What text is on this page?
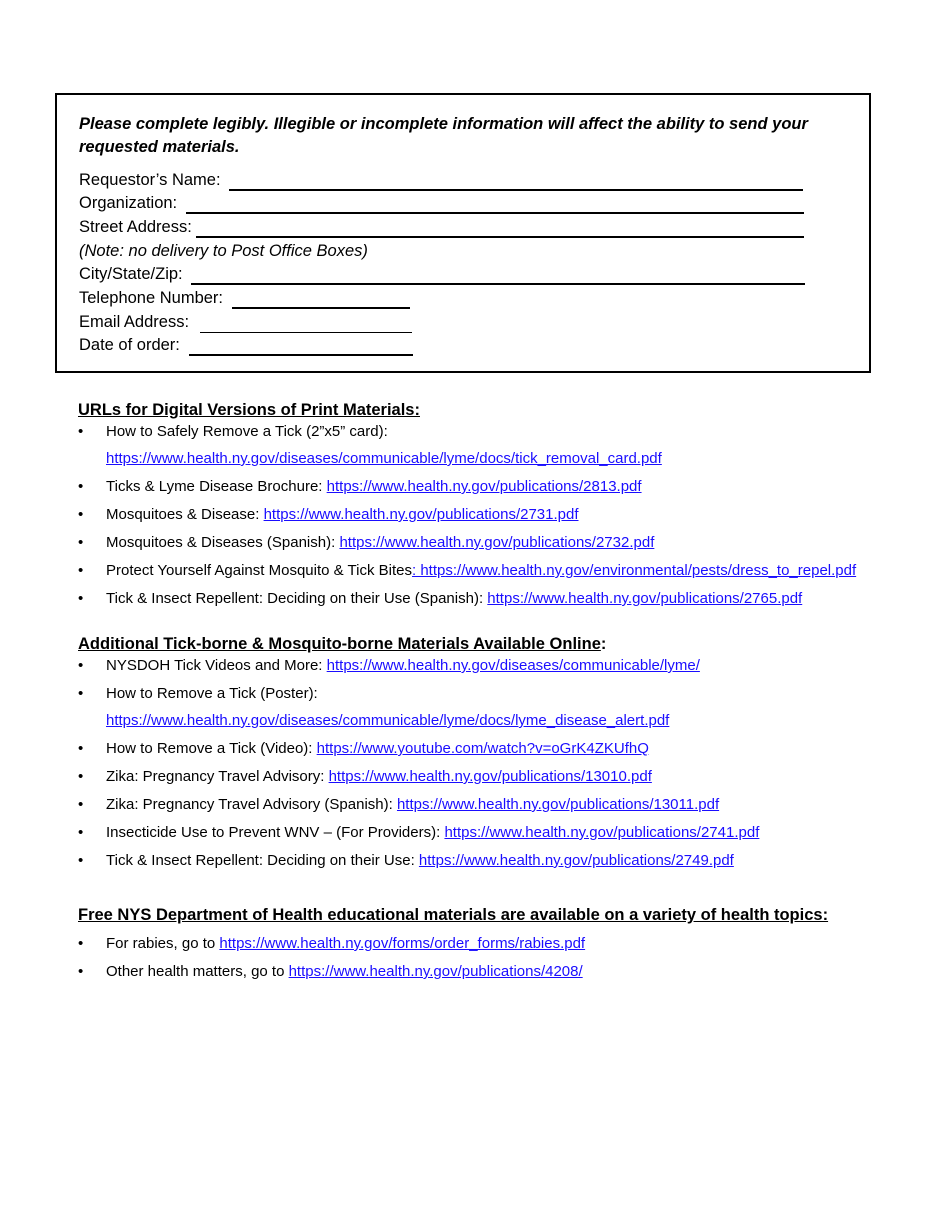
Please complete legibly. Illegible or incomplete information will affect the ability to send your requested materials.
Requestor’s Name:
Organization:
Street Address:
(Note: no delivery to Post Office Boxes)
City/State/Zip:
Telephone Number:
Email Address:
Date of order:
URLs for Digital Versions of Print Materials:
• How to Safely Remove a Tick (2”x5” card):
https://www.health.ny.gov/diseases/communicable/lyme/docs/tick_removal_card.pdf
• Ticks & Lyme Disease Brochure: https://www.health.ny.gov/publications/2813.pdf
• Mosquitoes & Disease: https://www.health.ny.gov/publications/2731.pdf
• Mosquitoes & Diseases (Spanish): https://www.health.ny.gov/publications/2732.pdf
• Protect Yourself Against Mosquito & Tick Bites: https://www.health.ny.gov/environmental/pests/dress_to_repel.pdf
• Tick & Insect Repellent: Deciding on their Use (Spanish): https://www.health.ny.gov/publications/2765.pdf
Additional Tick-borne & Mosquito-borne Materials Available Online:
• NYSDOH Tick Videos and More: https://www.health.ny.gov/diseases/communicable/lyme/
• How to Remove a Tick (Poster):
https://www.health.ny.gov/diseases/communicable/lyme/docs/lyme_disease_alert.pdf
• How to Remove a Tick (Video): https://www.youtube.com/watch?v=oGrK4ZKUfhQ
• Zika: Pregnancy Travel Advisory: https://www.health.ny.gov/publications/13010.pdf
• Zika: Pregnancy Travel Advisory (Spanish): https://www.health.ny.gov/publications/13011.pdf
• Insecticide Use to Prevent WNV – (For Providers): https://www.health.ny.gov/publications/2741.pdf
• Tick & Insect Repellent: Deciding on their Use: https://www.health.ny.gov/publications/2749.pdf
Free NYS Department of Health educational materials are available on a variety of health topics:
• For rabies, go to https://www.health.ny.gov/forms/order_forms/rabies.pdf
• Other health matters, go to https://www.health.ny.gov/publications/4208/
